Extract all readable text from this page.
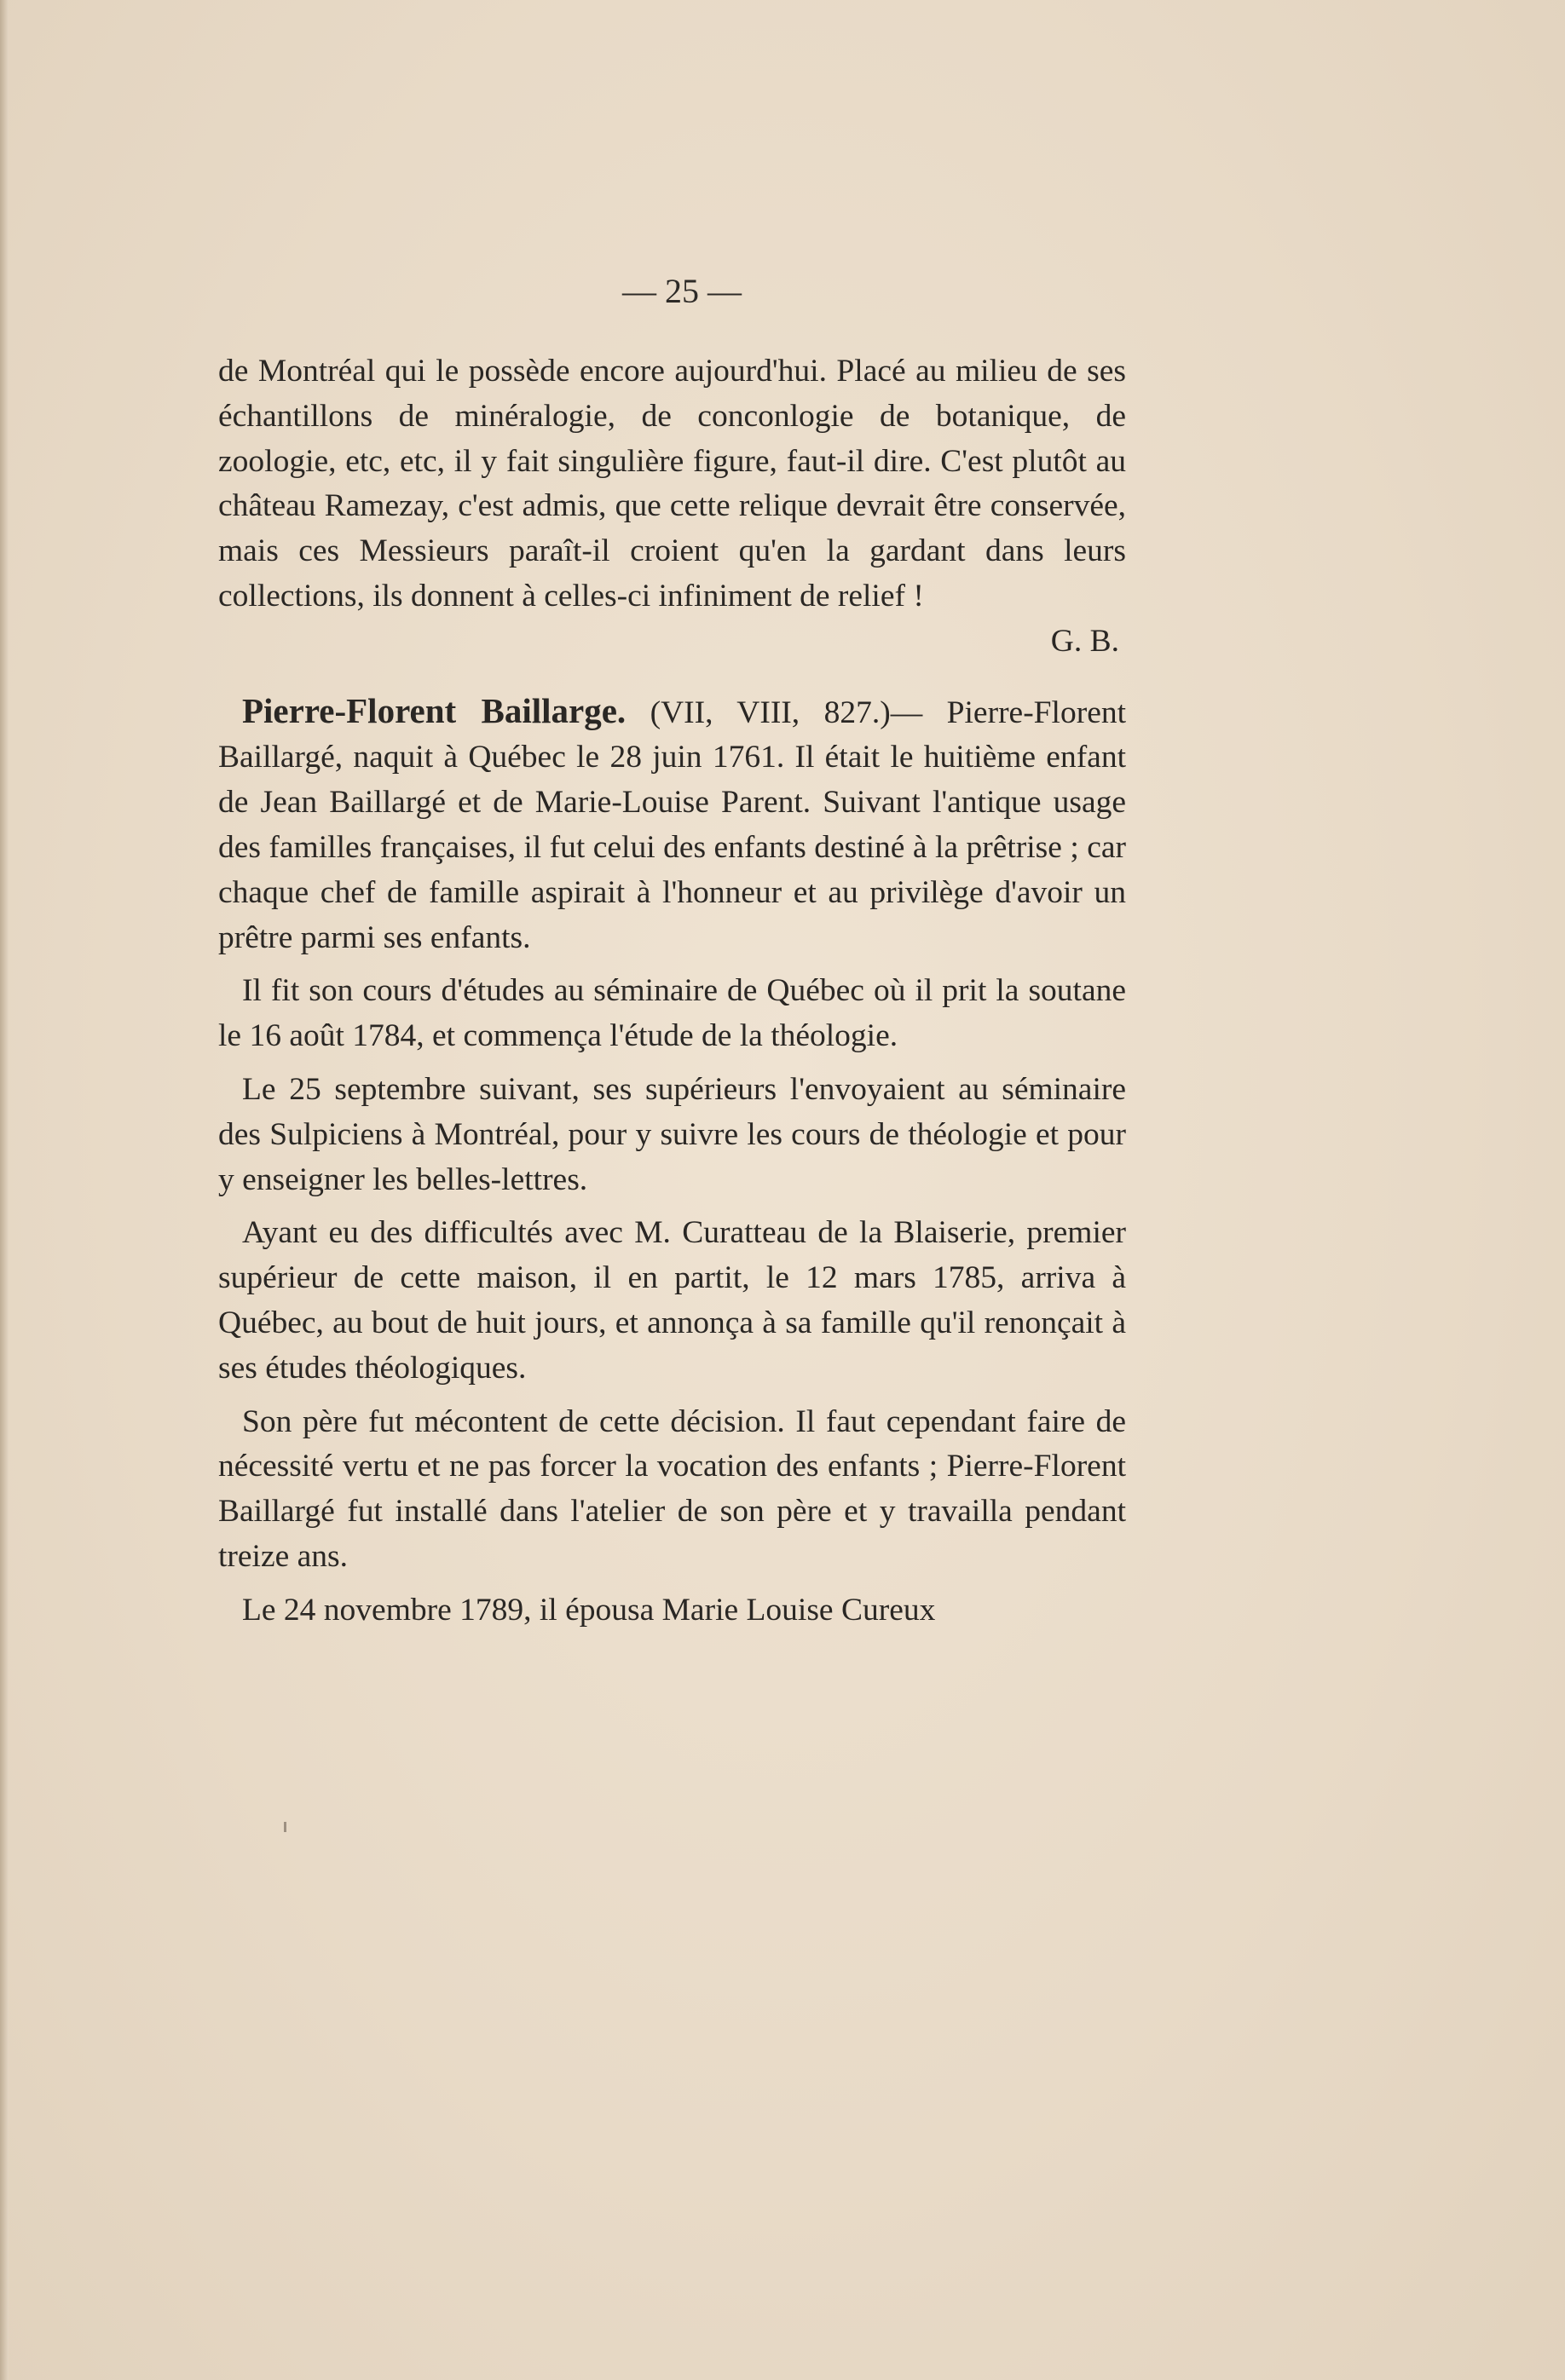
— 25 —

de Montréal qui le possède encore aujourd'hui. Placé au milieu de ses échantillons de minéralogie, de conconlogie de botanique, de zoologie, etc, etc, il y fait singulière figure, faut-il dire. C'est plutôt au château Ramezay, c'est admis, que cette relique devrait être conservée, mais ces Messieurs paraît-il croient qu'en la gardant dans leurs collections, ils donnent à celles-ci infiniment de relief !

G. B.

Pierre-Florent Baillarge. (VII, VIII, 827.)— Pierre-Florent Baillargé, naquit à Québec le 28 juin 1761. Il était le huitième enfant de Jean Baillargé et de Marie-Louise Parent. Suivant l'antique usage des familles françaises, il fut celui des enfants destiné à la prêtrise ; car chaque chef de famille aspirait à l'honneur et au privilège d'avoir un prêtre parmi ses enfants.

Il fit son cours d'études au séminaire de Québec où il prit la soutane le 16 août 1784, et commença l'étude de la théologie.

Le 25 septembre suivant, ses supérieurs l'envoyaient au séminaire des Sulpiciens à Montréal, pour y suivre les cours de théologie et pour y enseigner les belles-lettres.

Ayant eu des difficultés avec M. Curatteau de la Blaiserie, premier supérieur de cette maison, il en partit, le 12 mars 1785, arriva à Québec, au bout de huit jours, et annonça à sa famille qu'il renonçait à ses études théologiques.

Son père fut mécontent de cette décision. Il faut cependant faire de nécessité vertu et ne pas forcer la vocation des enfants ; Pierre-Florent Baillargé fut installé dans l'atelier de son père et y travailla pendant treize ans.

Le 24 novembre 1789, il épousa Marie Louise Cureux
